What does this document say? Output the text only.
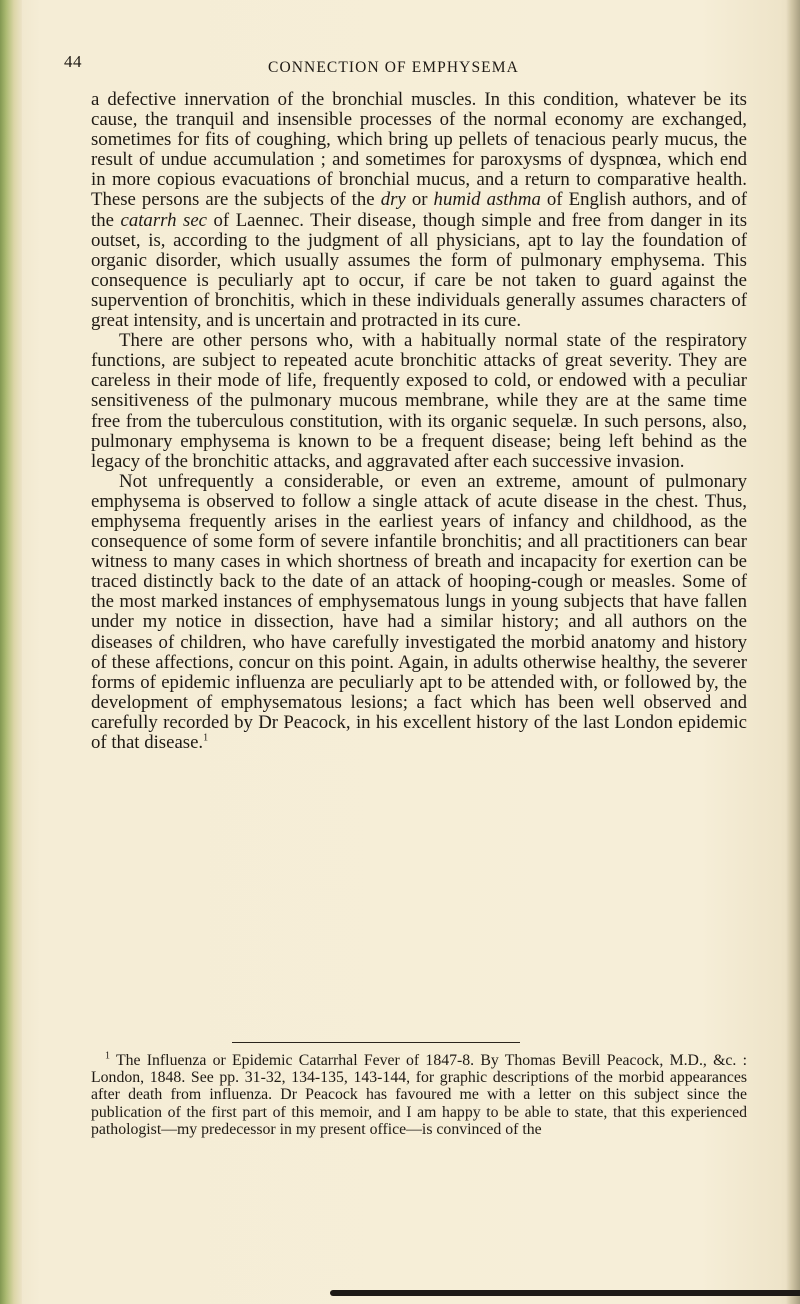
44	CONNECTION OF EMPHYSEMA

a defective innervation of the bronchial muscles. In this condition, whatever be its cause, the tranquil and insensible processes of the normal economy are exchanged, sometimes for fits of coughing, which bring up pellets of tenacious pearly mucus, the result of undue accumulation ; and sometimes for paroxysms of dyspnœa, which end in more copious evacuations of bronchial mucus, and a return to comparative health. These persons are the subjects of the dry or humid asthma of English authors, and of the catarrh sec of Laennec. Their disease, though simple and free from danger in its outset, is, according to the judgment of all physicians, apt to lay the foundation of organic disorder, which usually assumes the form of pulmonary emphysema. This consequence is peculiarly apt to occur, if care be not taken to guard against the supervention of bronchitis, which in these individuals generally assumes characters of great intensity, and is uncertain and protracted in its cure.

There are other persons who, with a habitually normal state of the respiratory functions, are subject to repeated acute bronchitic attacks of great severity. They are careless in their mode of life, frequently exposed to cold, or endowed with a peculiar sensitiveness of the pulmonary mucous membrane, while they are at the same time free from the tuberculous constitution, with its organic sequelæ. In such persons, also, pulmonary emphysema is known to be a frequent disease; being left behind as the legacy of the bronchitic attacks, and aggravated after each successive invasion.

Not unfrequently a considerable, or even an extreme, amount of pulmonary emphysema is observed to follow a single attack of acute disease in the chest. Thus, emphysema frequently arises in the earliest years of infancy and childhood, as the consequence of some form of severe infantile bronchitis; and all practitioners can bear witness to many cases in which shortness of breath and incapacity for exertion can be traced distinctly back to the date of an attack of hooping-cough or measles. Some of the most marked instances of emphysematous lungs in young subjects that have fallen under my notice in dissection, have had a similar history; and all authors on the diseases of children, who have carefully investigated the morbid anatomy and history of these affections, concur on this point. Again, in adults otherwise healthy, the severer forms of epidemic influenza are peculiarly apt to be attended with, or followed by, the development of emphysematous lesions; a fact which has been well observed and carefully recorded by Dr Peacock, in his excellent history of the last London epidemic of that disease.$^1$

$^1$ The Influenza or Epidemic Catarrhal Fever of 1847-8. By Thomas Bevill Peacock, M.D., &c. : London, 1848. See pp. 31-32, 134-135, 143-144, for graphic descriptions of the morbid appearances after death from influenza. Dr Peacock has favoured me with a letter on this subject since the publication of the first part of this memoir, and I am happy to be able to state, that this experienced pathologist—my predecessor in my present office—is convinced of the
